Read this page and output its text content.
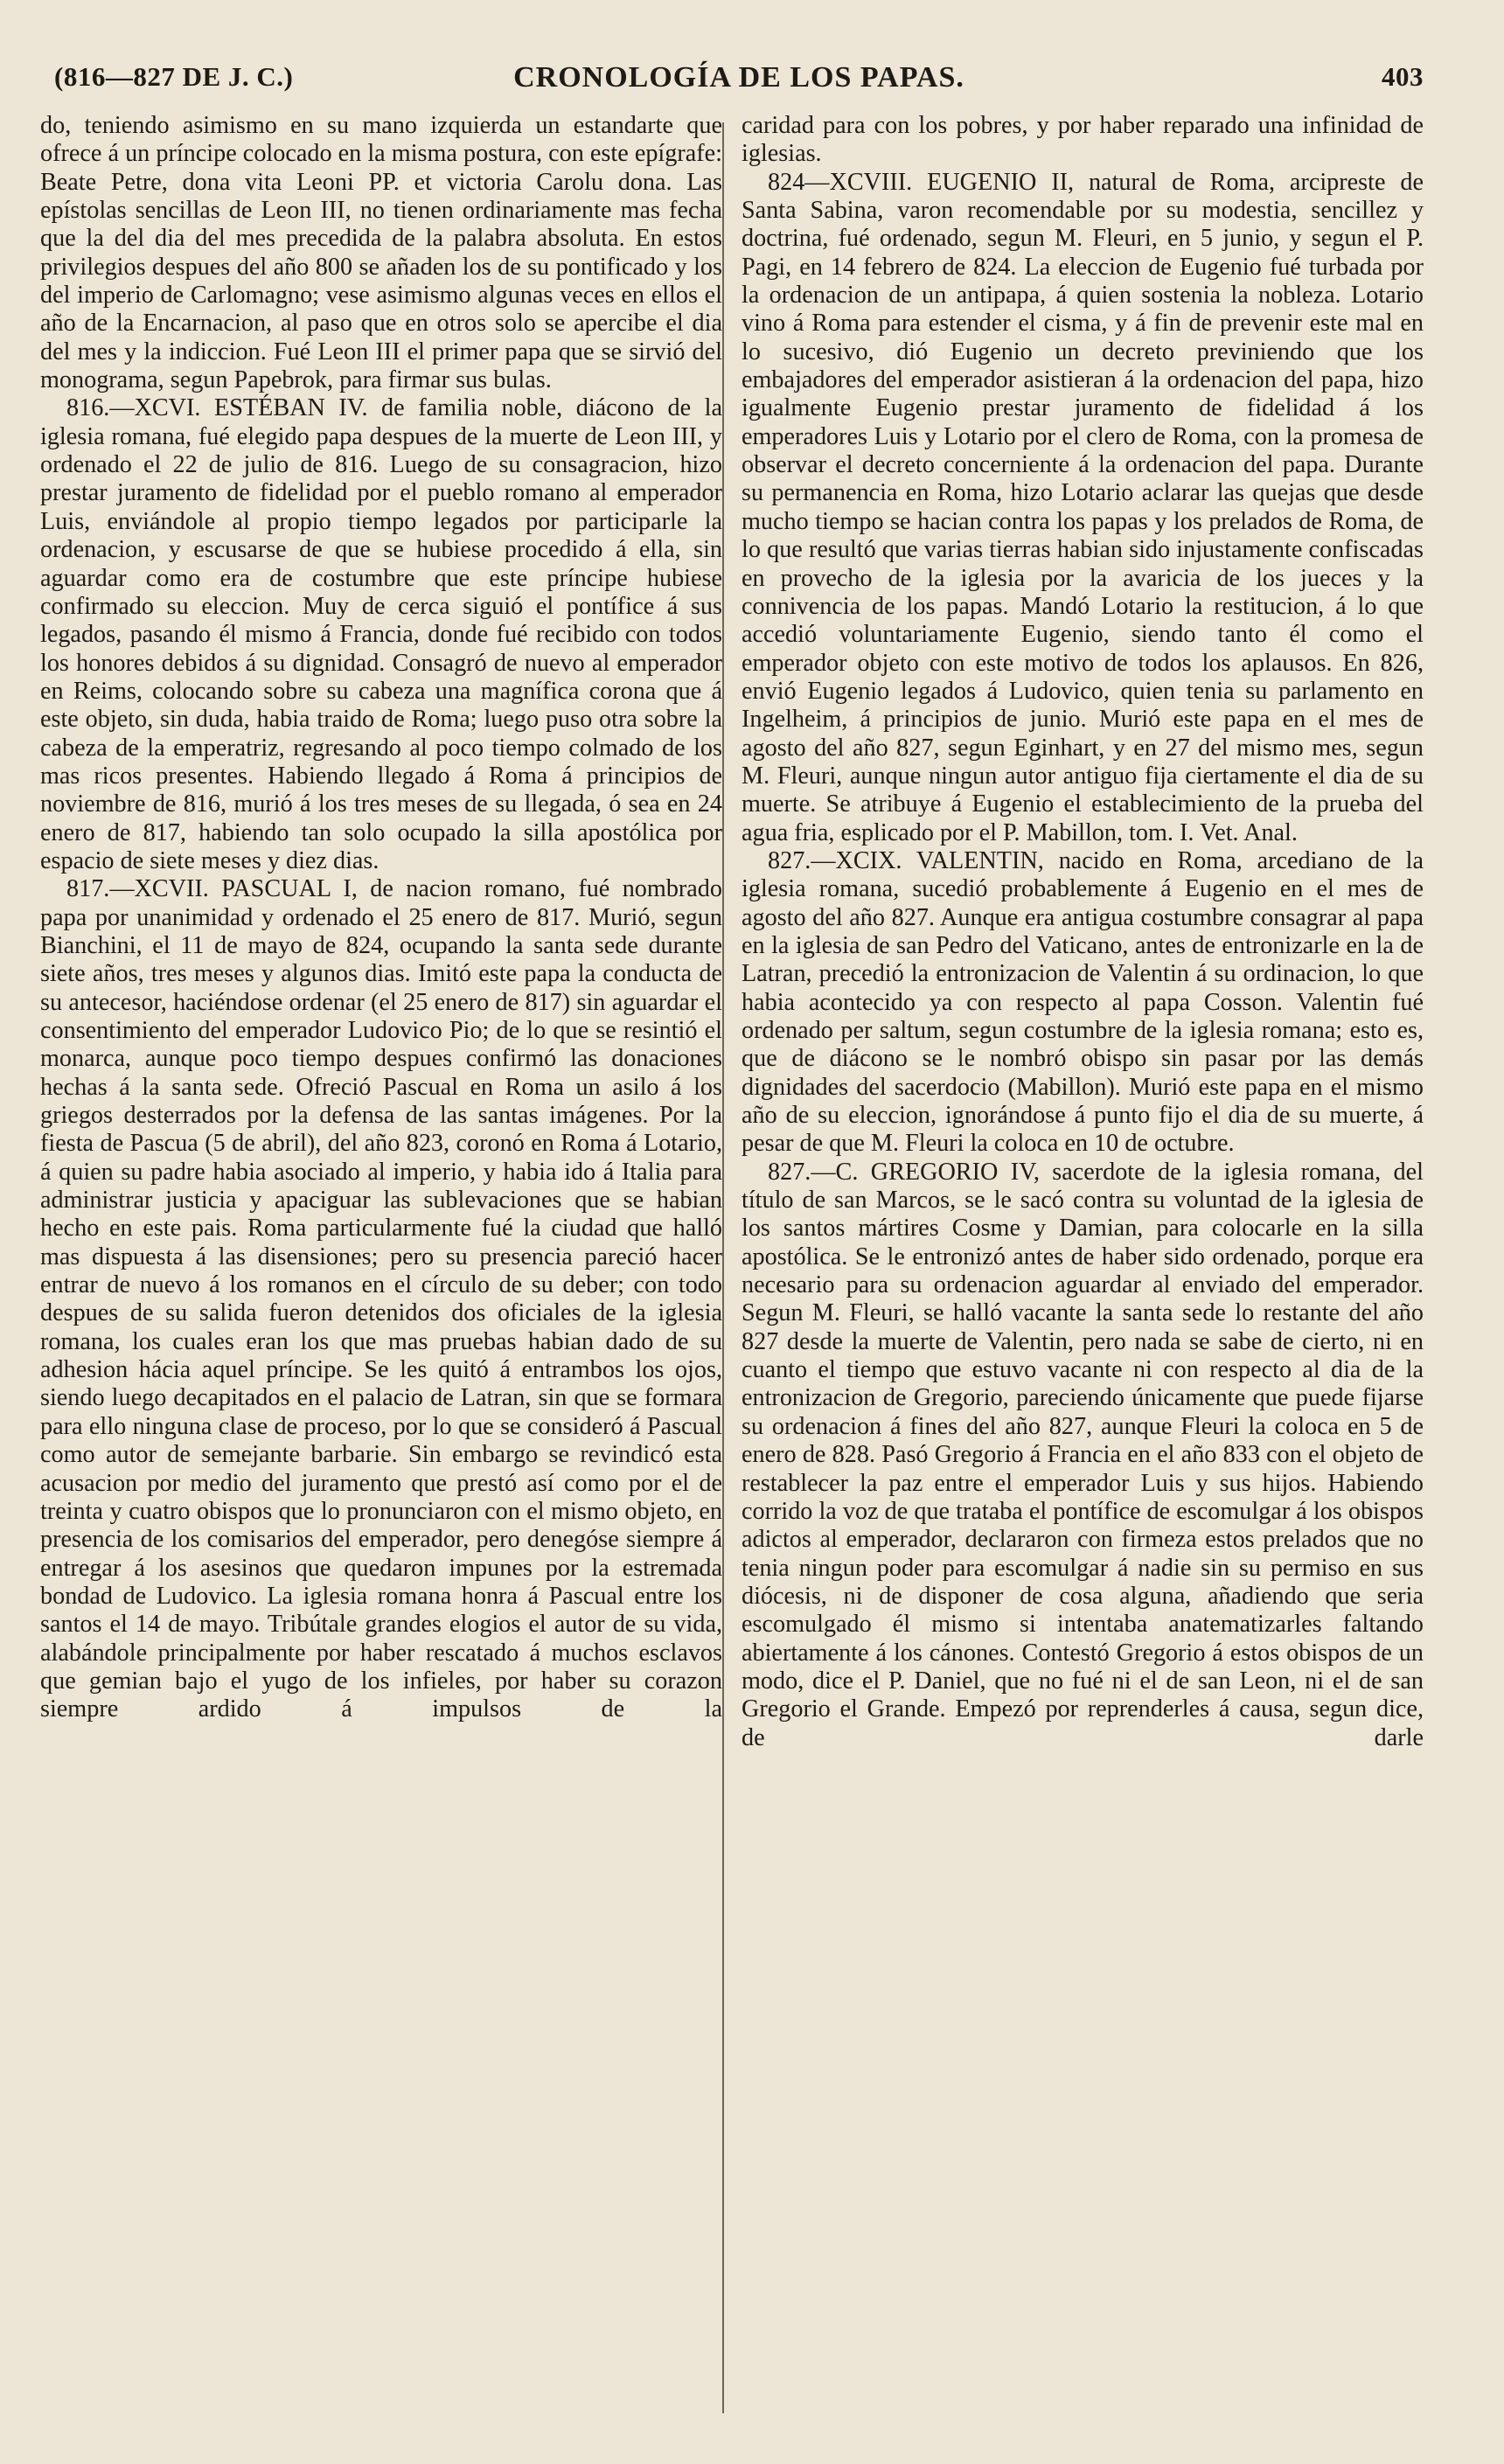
CRONOLOGÍA DE LOS PAPAS.
(816—827 DE J. C.)	403

do, teniendo asimismo en su mano izquierda un estandarte que ofrece á un príncipe colocado en la misma postura, con este epígrafe: Beate Petre, dona vita Leoni PP. et victoria Carolu dona. Las epístolas sencillas de Leon III, no tienen ordinariamente mas fecha que la del dia del mes precedida de la palabra absoluta. En estos privilegios despues del año 800 se añaden los de su pontificado y los del imperio de Carlomagno; vese asimismo algunas veces en ellos el año de la Encarnacion, al paso que en otros solo se apercibe el dia del mes y la indiccion. Fué Leon III el primer papa que se sirvió del monograma, segun Papebrok, para firmar sus bulas.

816.—XCVI. ESTÉBAN IV. de familia noble, diácono de la iglesia romana, fué elegido papa despues de la muerte de Leon III, y ordenado el 22 de julio de 816. Luego de su consagracion, hizo prestar juramento de fidelidad por el pueblo romano al emperador Luis, enviándole al propio tiempo legados por participarle la ordenacion, y escusarse de que se hubiese procedido á ella, sin aguardar como era de costumbre que este príncipe hubiese confirmado su eleccion. Muy de cerca siguió el pontífice á sus legados, pasando él mismo á Francia, donde fué recibido con todos los honores debidos á su dignidad. Consagró de nuevo al emperador en Reims, colocando sobre su cabeza una magnífica corona que á este objeto, sin duda, habia traido de Roma; luego puso otra sobre la cabeza de la emperatriz, regresando al poco tiempo colmado de los mas ricos presentes. Habiendo llegado á Roma á principios de noviembre de 816, murió á los tres meses de su llegada, ó sea en 24 enero de 817, habiendo tan solo ocupado la silla apostólica por espacio de siete meses y diez dias.

817.—XCVII. PASCUAL I, de nacion romano, fué nombrado papa por unanimidad y ordenado el 25 enero de 817. Murió, segun Bianchini, el 11 de mayo de 824, ocupando la santa sede durante siete años, tres meses y algunos dias. Imitó este papa la conducta de su antecesor, haciéndose ordenar (el 25 enero de 817) sin aguardar el consentimiento del emperador Ludovico Pio; de lo que se resintió el monarca, aunque poco tiempo despues confirmó las donaciones hechas á la santa sede. Ofreció Pascual en Roma un asilo á los griegos desterrados por la defensa de las santas imágenes. Por la fiesta de Pascua (5 de abril), del año 823, coronó en Roma á Lotario, á quien su padre habia asociado al imperio, y habia ido á Italia para administrar justicia y apaciguar las sublevaciones que se habian hecho en este pais. Roma particularmente fué la ciudad que halló mas dispuesta á las disensiones; pero su presencia pareció hacer entrar de nuevo á los romanos en el círculo de su deber; con todo despues de su salida fueron detenidos dos oficiales de la iglesia romana, los cuales eran los que mas pruebas habian dado de su adhesion hácia aquel príncipe. Se les quitó á entrambos los ojos, siendo luego decapitados en el palacio de Latran, sin que se formara para ello ninguna clase de proceso, por lo que se consideró á Pascual como autor de semejante barbarie. Sin embargo se revindicó esta acusacion por medio del juramento que prestó así como por el de treinta y cuatro obispos que lo pronunciaron con el mismo objeto, en presencia de los comisarios del emperador, pero denegóse siempre á entregar á los asesinos que quedaron impunes por la estremada bondad de Ludovico. La iglesia romana honra á Pascual entre los santos el 14 de mayo. Tribútale grandes elogios el autor de su vida, alabándole principalmente por haber rescatado á muchos esclavos que gemian bajo el yugo de los infieles, por haber su corazon siempre ardido á impulsos de la

caridad para con los pobres, y por haber reparado una infinidad de iglesias.

824—XCVIII. EUGENIO II, natural de Roma, arcipreste de Santa Sabina, varon recomendable por su modestia, sencillez y doctrina, fué ordenado, segun M. Fleuri, en 5 junio, y segun el P. Pagi, en 14 febrero de 824. La eleccion de Eugenio fué turbada por la ordenacion de un antipapa, á quien sostenia la nobleza. Lotario vino á Roma para estender el cisma, y á fin de prevenir este mal en lo sucesivo, dió Eugenio un decreto previniendo que los embajadores del emperador asistieran á la ordenacion del papa, hizo igualmente Eugenio prestar juramento de fidelidad á los emperadores Luis y Lotario por el clero de Roma, con la promesa de observar el decreto concerniente á la ordenacion del papa. Durante su permanencia en Roma, hizo Lotario aclarar las quejas que desde mucho tiempo se hacian contra los papas y los prelados de Roma, de lo que resultó que varias tierras habian sido injustamente confiscadas en provecho de la iglesia por la avaricia de los jueces y la connivencia de los papas. Mandó Lotario la restitucion, á lo que accedió voluntariamente Eugenio, siendo tanto él como el emperador objeto con este motivo de todos los aplausos. En 826, envió Eugenio legados á Ludovico, quien tenia su parlamento en Ingelheim, á principios de junio. Murió este papa en el mes de agosto del año 827, segun Eginhart, y en 27 del mismo mes, segun M. Fleuri, aunque ningun autor antiguo fija ciertamente el dia de su muerte. Se atribuye á Eugenio el establecimiento de la prueba del agua fria, esplicado por el P. Mabillon, tom. I. Vet. Anal.

827.—XCIX. VALENTIN, nacido en Roma, arcediano de la iglesia romana, sucedió probablemente á Eugenio en el mes de agosto del año 827. Aunque era antigua costumbre consagrar al papa en la iglesia de san Pedro del Vaticano, antes de entronizarle en la de Latran, precedió la entronizacion de Valentin á su ordinacion, lo que habia acontecido ya con respecto al papa Cosson. Valentin fué ordenado per saltum, segun costumbre de la iglesia romana; esto es, que de diácono se le nombró obispo sin pasar por las demás dignidades del sacerdocio (Mabillon). Murió este papa en el mismo año de su eleccion, ignorándose á punto fijo el dia de su muerte, á pesar de que M. Fleuri la coloca en 10 de octubre.

827.—C. GREGORIO IV, sacerdote de la iglesia romana, del título de san Marcos, se le sacó contra su voluntad de la iglesia de los santos mártires Cosme y Damian, para colocarle en la silla apostólica. Se le entronizó antes de haber sido ordenado, porque era necesario para su ordenacion aguardar al enviado del emperador. Segun M. Fleuri, se halló vacante la santa sede lo restante del año 827 desde la muerte de Valentin, pero nada se sabe de cierto, ni en cuanto el tiempo que estuvo vacante ni con respecto al dia de la entronizacion de Gregorio, pareciendo únicamente que puede fijarse su ordenacion á fines del año 827, aunque Fleuri la coloca en 5 de enero de 828. Pasó Gregorio á Francia en el año 833 con el objeto de restablecer la paz entre el emperador Luis y sus hijos. Habiendo corrido la voz de que trataba el pontífice de escomulgar á los obispos adictos al emperador, declararon con firmeza estos prelados que no tenia ningun poder para escomulgar á nadie sin su permiso en sus diócesis, ni de disponer de cosa alguna, añadiendo que seria escomulgado él mismo si intentaba anatematizarles faltando abiertamente á los cánones. Contestó Gregorio á estos obispos de un modo, dice el P. Daniel, que no fué ni el de san Leon, ni el de san Gregorio el Grande. Empezó por reprenderles á causa, segun dice, de darle
